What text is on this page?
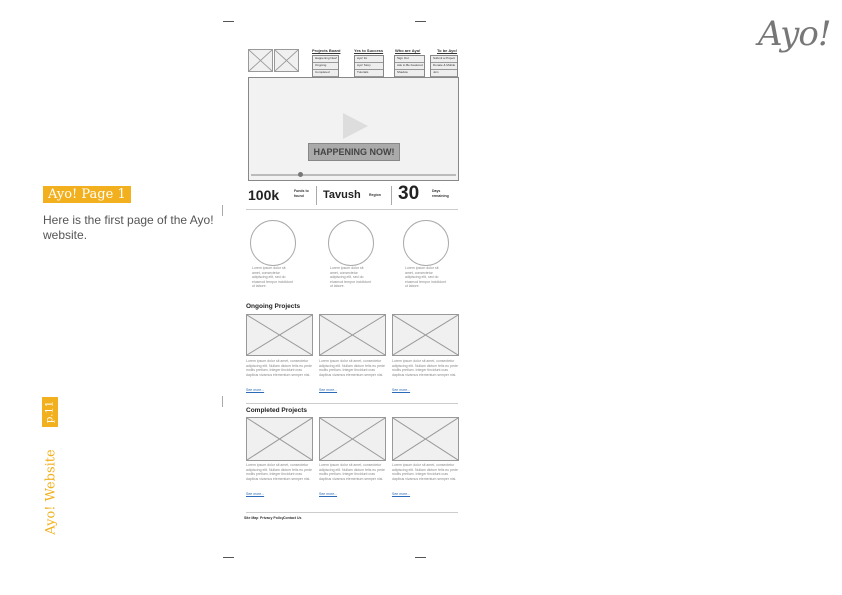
Ayo!
Ayo! Page 1
Here is the first page of the Ayo! website.
p.11
Ayo! Website
Projects Board
Happening Now!
Ongoing
Completed
Yes to Success
Ayo! for
Ayo! Story
Tutorials
Who are Ayo!
Sign Out
Ask to Be Featured
Shadow
To be Ayo!
Submit a Project
Donate & Mobile
Join
HAPPENING NOW!
100k	Funds to found	Tavush Region 30	Days remaining
Lorem ipsum dolor sit amet, consectetur adipiscing elit, sed do eiusmod tempor incididunt ut labore.
Lorem ipsum dolor sit amet, consectetur adipiscing elit, sed do eiusmod tempor incididunt ut labore.
Lorem ipsum dolor sit amet, consectetur adipiscing elit, sed do eiusmod tempor incididunt ut labore.
Ongoing Projects
Lorem ipsum dolor sit amet, consectetur adipiscing elit. Nullam dictum felis eu pede mollis pretium. Integer tincidunt cras dapibus vivamus elementum semper nisi.
Lorem ipsum dolor sit amet, consectetur adipiscing elit. Nullam dictum felis eu pede mollis pretium. Integer tincidunt cras dapibus vivamus elementum semper nisi.
Lorem ipsum dolor sit amet, consectetur adipiscing elit. Nullam dictum felis eu pede mollis pretium. Integer tincidunt cras dapibus vivamus elementum semper nisi.
See more...	See more...	See more...
Completed Projects
Lorem ipsum dolor sit amet, consectetur adipiscing elit. Nullam dictum felis eu pede mollis pretium. Integer tincidunt cras dapibus vivamus elementum semper nisi.
Lorem ipsum dolor sit amet, consectetur adipiscing elit. Nullam dictum felis eu pede mollis pretium. Integer tincidunt cras dapibus vivamus elementum semper nisi.
Lorem ipsum dolor sit amet, consectetur adipiscing elit. Nullam dictum felis eu pede mollis pretium. Integer tincidunt cras dapibus vivamus elementum semper nisi.
See more...	See more...	See more...
Site Map Privacy Policy Contact Us
